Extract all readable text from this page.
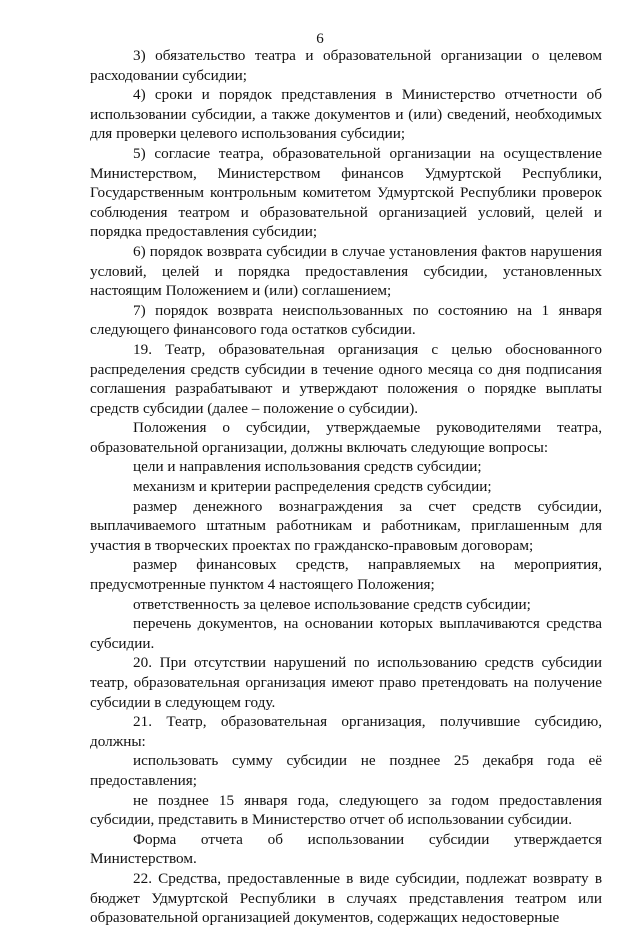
6

3) обязательство театра и образовательной организации о целевом расходовании субсидии;

4) сроки и порядок представления в Министерство отчетности об использовании субсидии, а также документов и (или) сведений, необходимых для проверки целевого использования субсидии;

5) согласие театра, образовательной организации на осуществление Министерством, Министерством финансов Удмуртской Республики, Государственным контрольным комитетом Удмуртской Республики проверок соблюдения театром и образовательной организацией условий, целей и порядка предоставления субсидии;

6) порядок возврата субсидии в случае установления фактов нарушения условий, целей и порядка предоставления субсидии, установленных настоящим Положением и (или) соглашением;

7) порядок возврата неиспользованных по состоянию на 1 января следующего финансового года остатков субсидии.

19. Театр, образовательная организация с целью обоснованного распределения средств субсидии в течение одного месяца со дня подписания соглашения разрабатывают и утверждают положения о порядке выплаты средств субсидии (далее – положение о субсидии).

Положения о субсидии, утверждаемые руководителями театра, образовательной организации, должны включать следующие вопросы:

цели и направления использования средств субсидии;

механизм и критерии распределения средств субсидии;

размер денежного вознаграждения за счет средств субсидии, выплачиваемого штатным работникам и работникам, приглашенным для участия в творческих проектах по гражданско-правовым договорам;

размер финансовых средств, направляемых на мероприятия, предусмотренные пунктом 4 настоящего Положения;

ответственность за целевое использование средств субсидии;

перечень документов, на основании которых выплачиваются средства субсидии.

20. При отсутствии нарушений по использованию средств субсидии театр, образовательная организация имеют право претендовать на получение субсидии в следующем году.

21. Театр, образовательная организация, получившие субсидию, должны:

использовать сумму субсидии не позднее 25 декабря года её предоставления;

не позднее 15 января года, следующего за годом предоставления субсидии, представить в Министерство отчет об использовании субсидии.

Форма отчета об использовании субсидии утверждается Министерством.

22. Средства, предоставленные в виде субсидии, подлежат возврату в бюджет Удмуртской Республики в случаях представления театром или образовательной организацией документов, содержащих недостоверные
